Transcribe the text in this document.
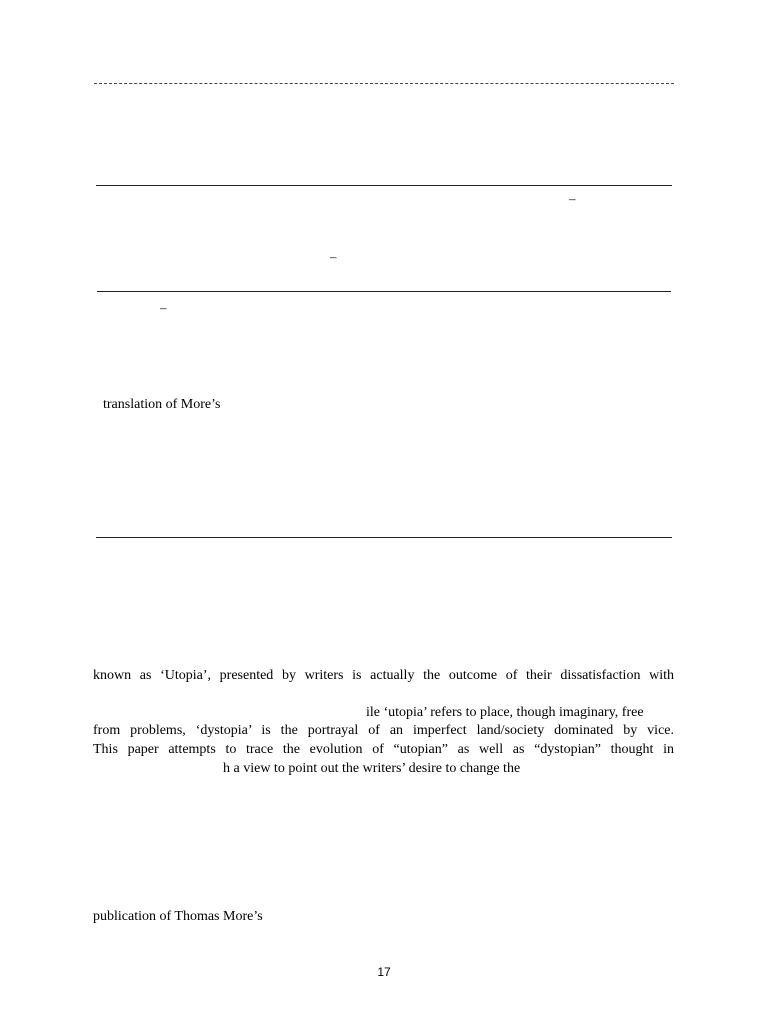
–
–
–
translation of More’s
known as ‘Utopia’, presented by writers is actually the outcome of their dissatisfaction with
ile ‘utopia’ refers to place, though imaginary, free
from problems, ‘dystopia’ is the portrayal of an imperfect land/society dominated by vice.
This paper attempts to trace the evolution of “utopian” as well as “dystopian” thought in
h a view to point out the writers’ desire to change the
publication of Thomas More’s
17
